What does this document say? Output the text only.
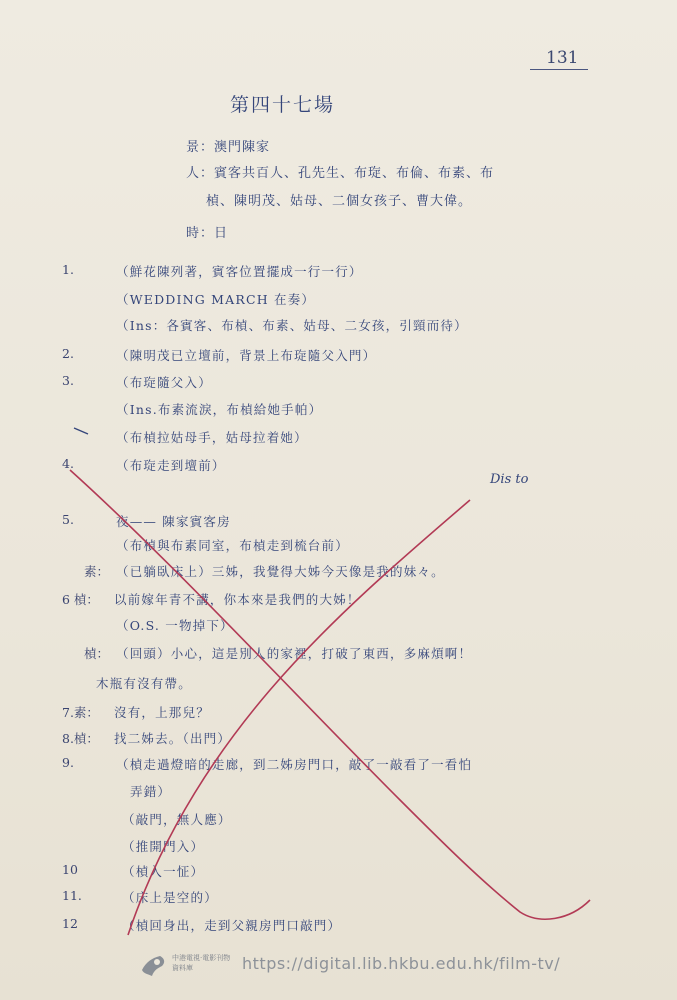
131
第四十七場
景：澳門陳家
人：賓客共百人、孔先生、布琁、布倫、布素、布
楨、陳明茂、姑母、二個女孩子、曹大偉。
時：日
1.	（鮮花陳列著，賓客位置擺成一行一行）
（WEDDING MARCH 在奏）
（Ins：各賓客、布楨、布素、姑母、二女孩，引頸而待）
2.	（陳明茂已立壇前，背景上布琁隨父入門）
3.	（布琁隨父入）
（Ins.布素流淚，布楨給她手帕）
（布楨拉姑母手，姑母拉着她）
4.	（布琁走到壇前）
5.	夜—— 陳家賓客房
（布楨與布素同室，布楨走到梳台前）
素： （已躺臥床上）三姊，我覺得大姊今天像是我的妹々。
6 楨： 以前嫁年青不講，你本來是我們的大姊！
（O.S. 一物掉下）
楨： （回頭）小心，這是別人的家裡，打破了東西，多麻煩啊！
木瓶有沒有帶。
7.素： 沒有，上那兒？
8.楨： 找二姊去。（出門）
9.	（楨走過燈暗的走廊，到二姊房門口，敲了一敲看了一看怕
弄錯）
（敲門，無人應）
（推開門入）
10	（楨入一怔）
11.	（床上是空的）
12	（楨回身出，走到父親房門口敲門）
Dis to
中港電視‧電影刊物資料庫	https://digital.lib.hkbu.edu.hk/film-tv/
